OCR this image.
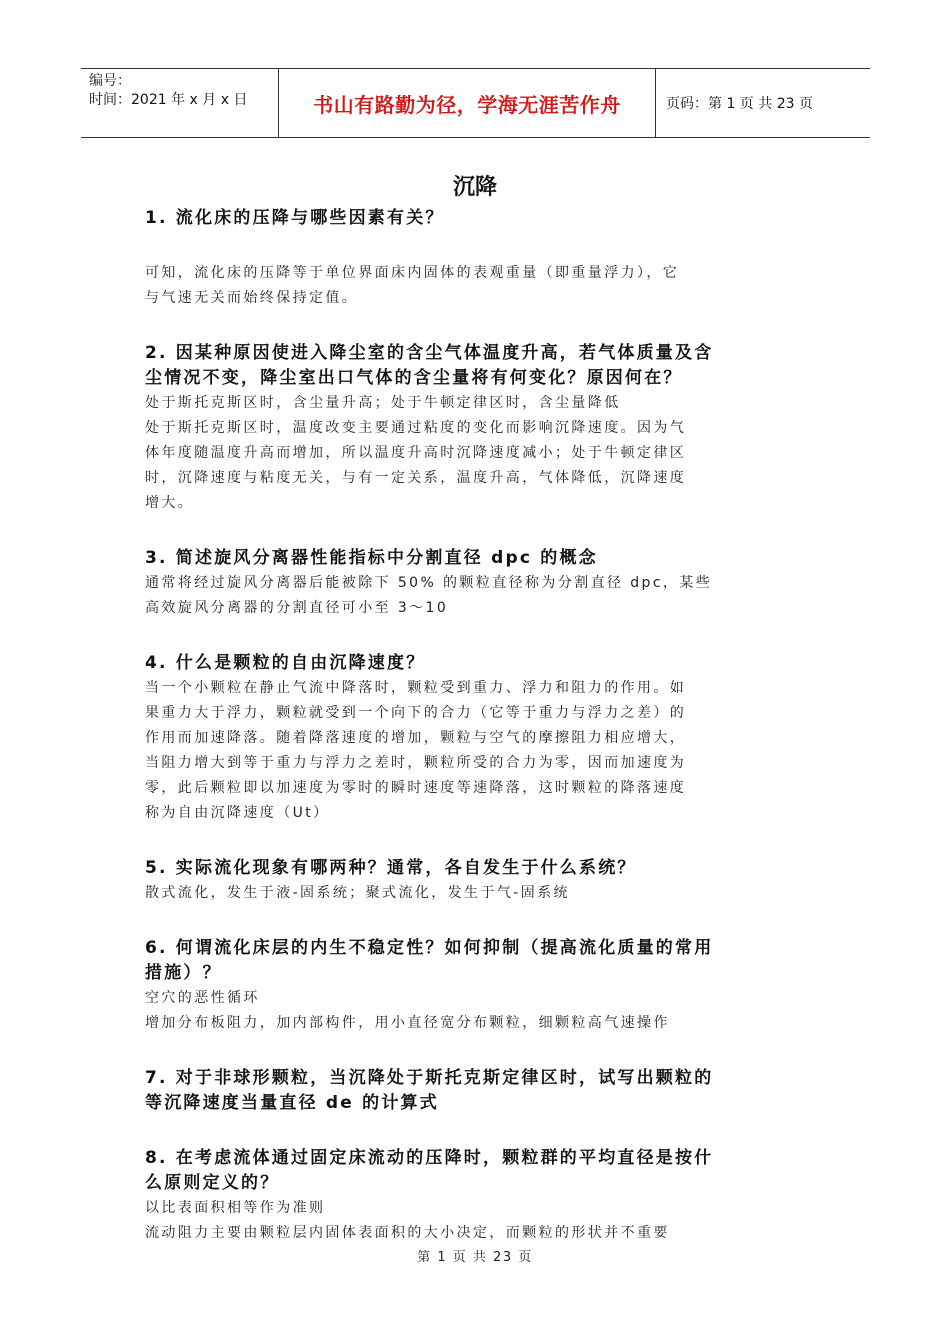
编号：
时间：2021 年 x 月 x 日	书山有路勤为径，学海无涯苦作舟	页码：第 1 页 共 23 页
沉降

1. 流化床的压降与哪些因素有关？

可知，流化床的压降等于单位界面床内固体的表观重量（即重量浮力），它

与气速无关而始终保持定值。

2. 因某种原因使进入降尘室的含尘气体温度升高，若气体质量及含

尘情况不变，降尘室出口气体的含尘量将有何变化？原因何在？

处于斯托克斯区时，含尘量升高；处于牛顿定律区时，含尘量降低

处于斯托克斯区时，温度改变主要通过粘度的变化而影响沉降速度。因为气

体年度随温度升高而增加，所以温度升高时沉降速度减小；处于牛顿定律区

时，沉降速度与粘度无关，与有一定关系，温度升高，气体降低，沉降速度

增大。

3. 简述旋风分离器性能指标中分割直径 dpc 的概念

通常将经过旋风分离器后能被除下 50% 的颗粒直径称为分割直径 dpc，某些

高效旋风分离器的分割直径可小至 3～10

4. 什么是颗粒的自由沉降速度？

当一个小颗粒在静止气流中降落时，颗粒受到重力、浮力和阻力的作用。如

果重力大于浮力，颗粒就受到一个向下的合力（它等于重力与浮力之差）的

作用而加速降落。随着降落速度的增加，颗粒与空气的摩擦阻力相应增大，

当阻力增大到等于重力与浮力之差时，颗粒所受的合力为零，因而加速度为

零，此后颗粒即以加速度为零时的瞬时速度等速降落，这时颗粒的降落速度

称为自由沉降速度（Ut）

5. 实际流化现象有哪两种？通常，各自发生于什么系统？

散式流化，发生于液-固系统；聚式流化，发生于气-固系统

6. 何谓流化床层的内生不稳定性？如何抑制（提高流化质量的常用

措施）？

空穴的恶性循环

增加分布板阻力，加内部构件，用小直径宽分布颗粒，细颗粒高气速操作

7. 对于非球形颗粒，当沉降处于斯托克斯定律区时，试写出颗粒的

等沉降速度当量直径 de 的计算式

8. 在考虑流体通过固定床流动的压降时，颗粒群的平均直径是按什

么原则定义的？

以比表面积相等作为准则

流动阻力主要由颗粒层内固体表面积的大小决定，而颗粒的形状并不重要

第 1 页 共 23 页
